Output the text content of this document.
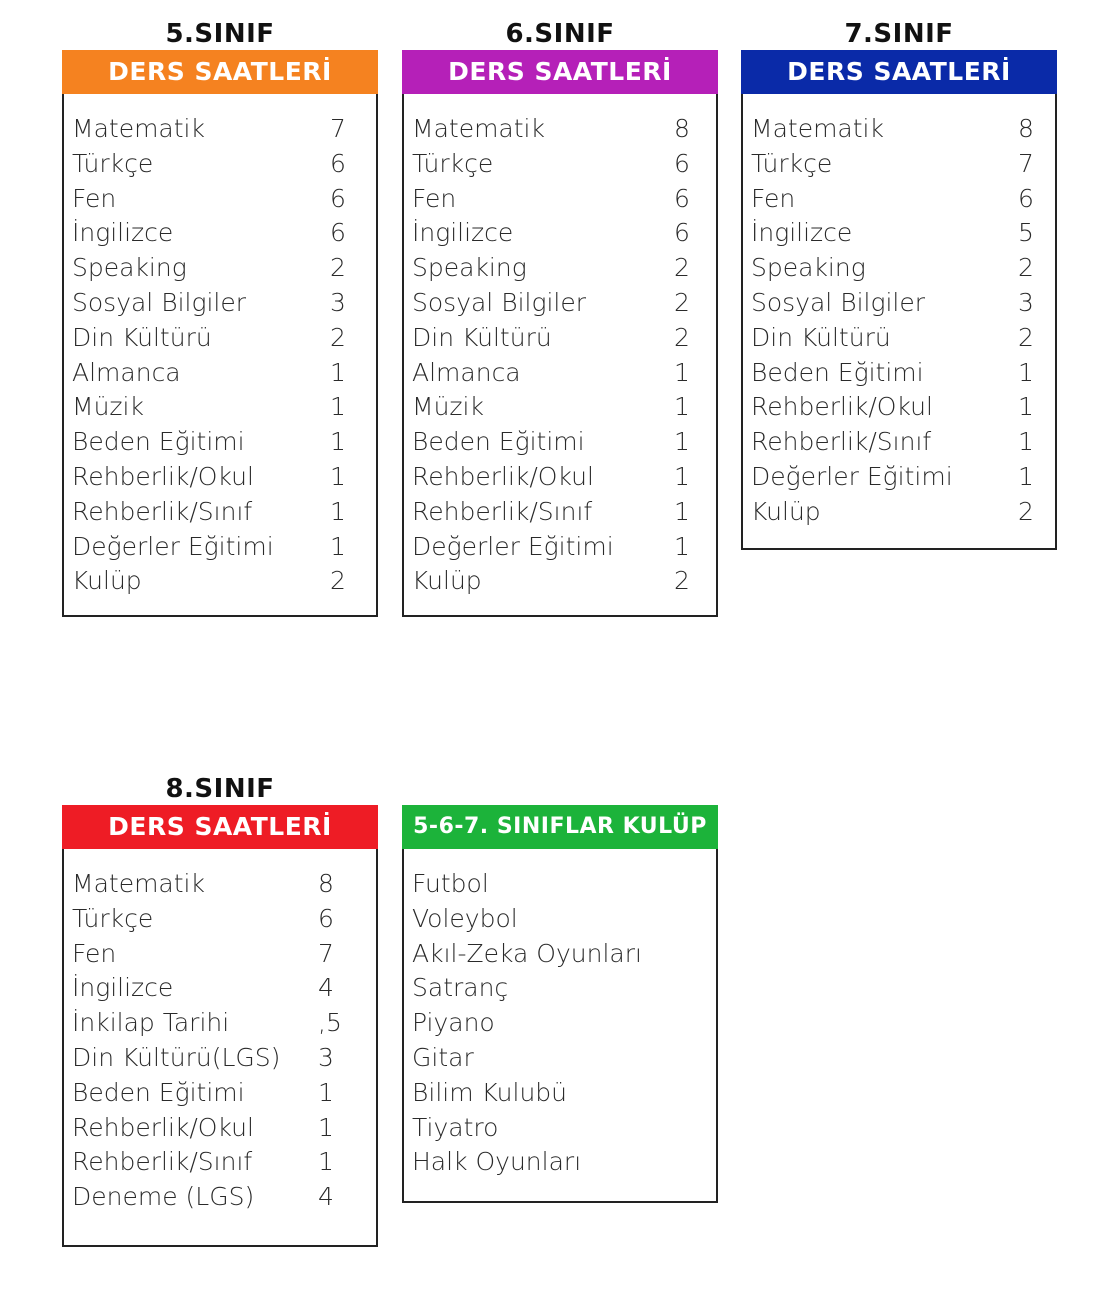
5.SINIF
DERS SAATLERİ
Matematik	7
Türkçe	6
Fen	6
İngilizce	6
Speaking	2
Sosyal Bilgiler	3
Din Kültürü	2
Almanca	1
Müzik	1
Beden Eğitimi	1
Rehberlik/Okul	1
Rehberlik/Sınıf	1
Değerler Eğitimi 1
Kulüp	2
6.SINIF
DERS SAATLERİ
Matematik	8
Türkçe	6
Fen	6
İngilizce	6
Speaking	2
Sosyal Bilgiler	2
Din Kültürü	2
Almanca	1
Müzik	1
Beden Eğitimi	1
Rehberlik/Okul	1
Rehberlik/Sınıf	1
Değerler Eğitimi 1
Kulüp	2
7.SINIF
DERS SAATLERİ
Matematik	8
Türkçe	7
Fen	6
İngilizce	5
Speaking	2
Sosyal Bilgiler	3
Din Kültürü	2
Beden Eğitimi	1
Rehberlik/Okul	1
Rehberlik/Sınıf	1
Değerler Eğitimi	1
Kulüp	2
8.SINIF
DERS SAATLERİ
Matematik	8
Türkçe	6
Fen	7
İngilizce	4
İnkilap Tarihi	,5
Din Kültürü(LGS) 3
Beden Eğitimi	1
Rehberlik/Okul	1
Rehberlik/Sınıf	1
Deneme (LGS)	4
5-6-7. SINIFLAR KULÜP
Futbol
Voleybol
Akıl-Zeka Oyunları
Satranç
Piyano
Gitar
Bilim Kulubü
Tiyatro
Halk Oyunları
